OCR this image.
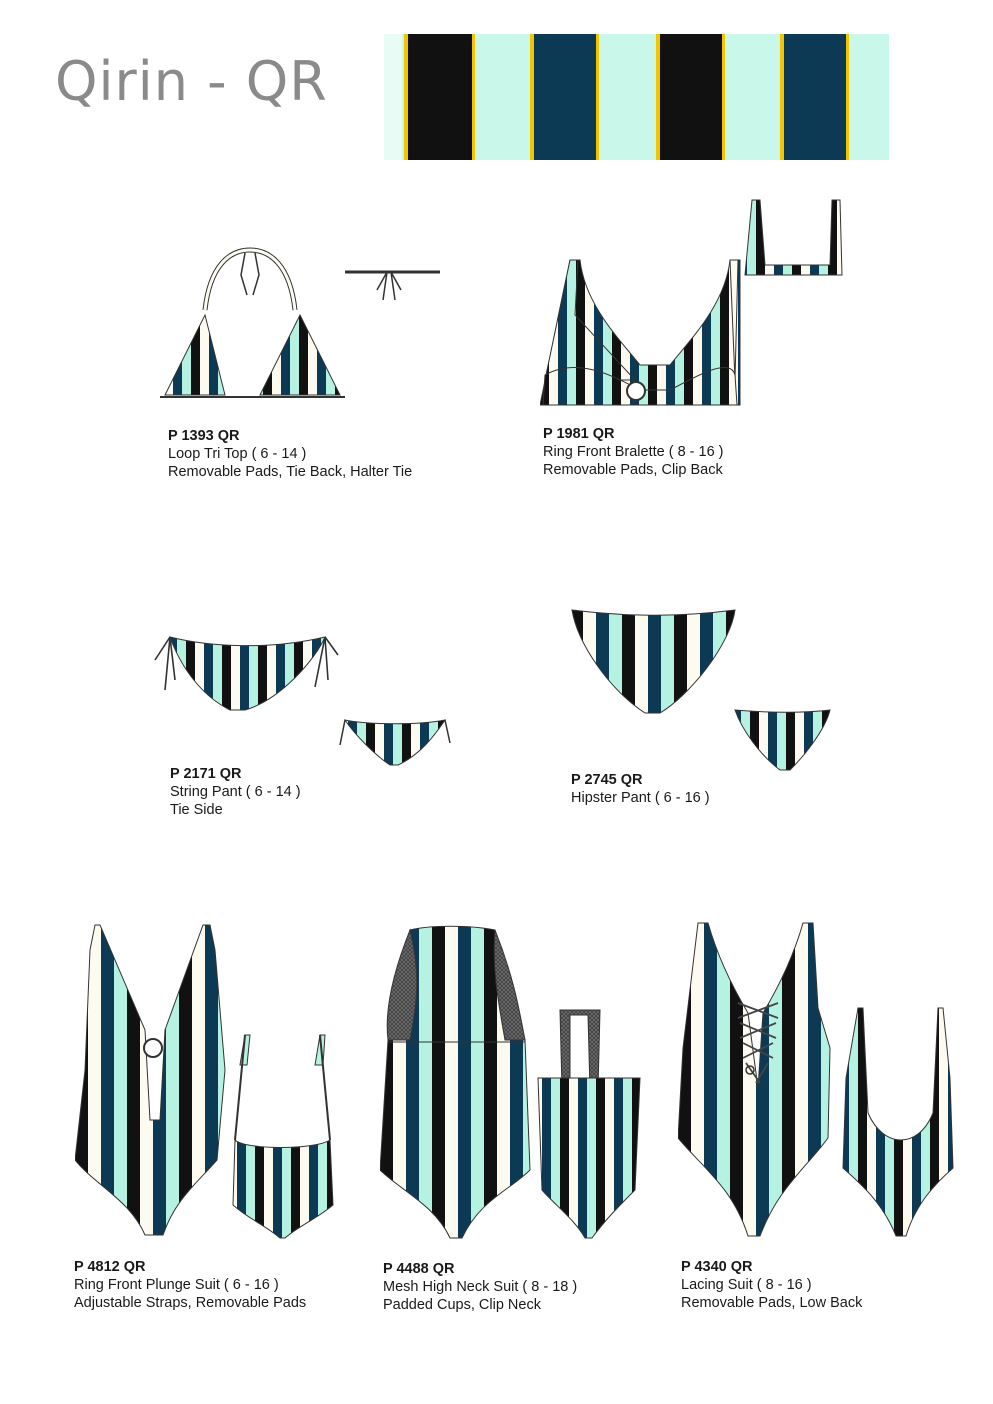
Qirin - QR
P 1393 QR
Loop Tri Top ( 6 - 14 )
Removable Pads, Tie Back, Halter Tie
P 1981 QR
Ring Front Bralette ( 8 - 16 )
Removable Pads, Clip Back
P 2171 QR
String Pant ( 6 - 14 )
Tie Side
P 2745 QR
Hipster Pant ( 6 - 16 )
P 4812 QR
Ring Front Plunge Suit ( 6 - 16 )
Adjustable Straps, Removable Pads
P 4488 QR
Mesh High Neck Suit ( 8 - 18 )
Padded Cups, Clip Neck
P 4340 QR
Lacing Suit ( 8 - 16 )
Removable Pads, Low Back
